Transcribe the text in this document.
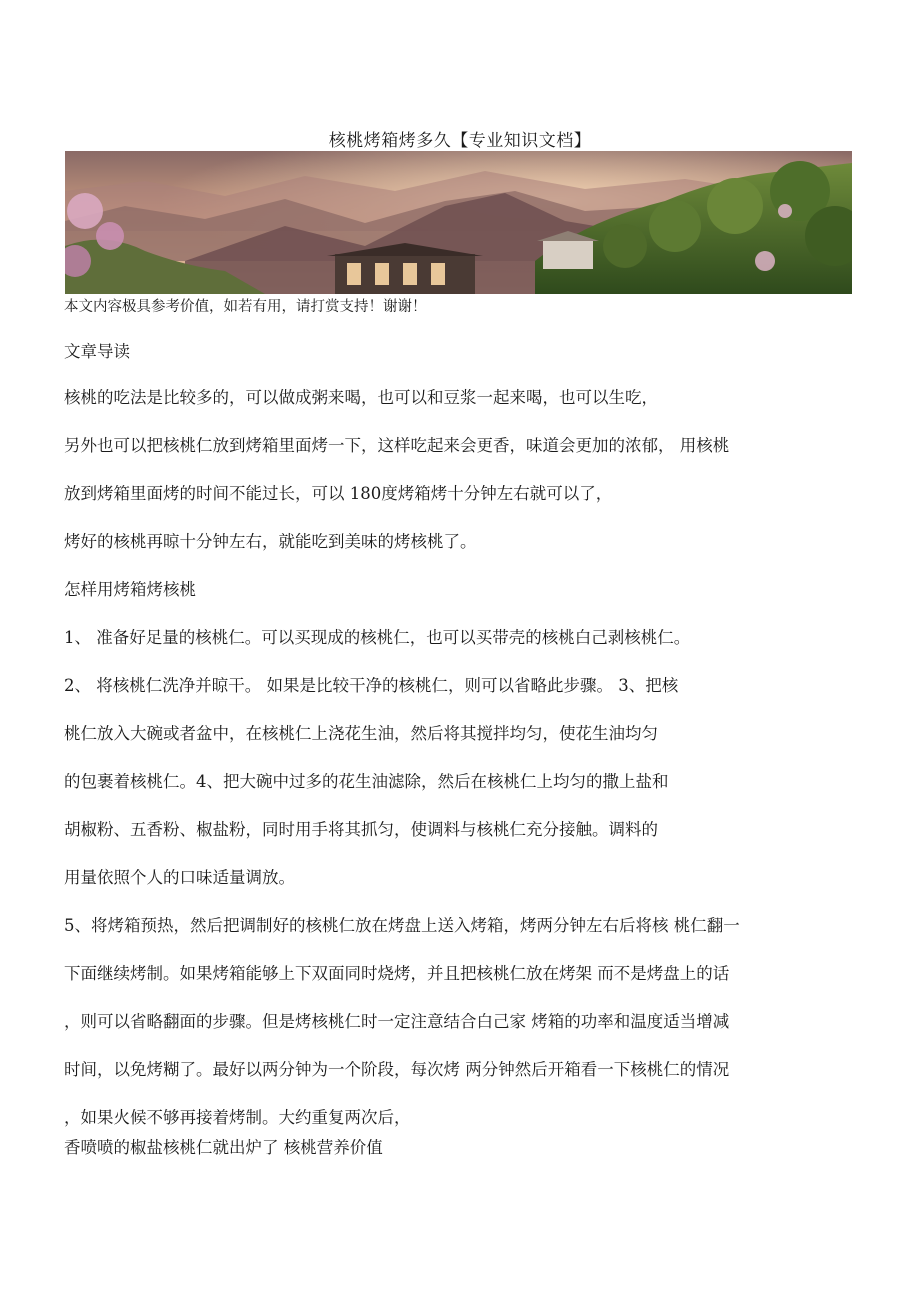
核桃烤箱烤多久【专业知识文档】
本文内容极具参考价值，如若有用，请打赏支持！谢谢！
文章导读
核桃的吃法是比较多的，可以做成粥来喝，也可以和豆浆一起来喝，也可以生吃，
另外也可以把核桃仁放到烤箱里面烤一下，这样吃起来会更香，味道会更加的浓郁， 用核桃
放到烤箱里面烤的时间不能过长，可以 180度烤箱烤十分钟左右就可以了，
烤好的核桃再晾十分钟左右，就能吃到美味的烤核桃了。
怎样用烤箱烤核桃
1、 准备好足量的核桃仁。可以买现成的核桃仁，也可以买带壳的核桃白己剥核桃仁。
2、 将核桃仁洗净并晾干。 如果是比较干净的核桃仁，则可以省略此步骤。 3、把核
桃仁放入大碗或者盆中，在核桃仁上浇花生油，然后将其搅拌均匀，使花生油均匀
的包裹着核桃仁。4、把大碗中过多的花生油滤除，然后在核桃仁上均匀的撒上盐和
胡椒粉、五香粉、椒盐粉，同时用手将其抓匀，使调料与核桃仁充分接触。调料的
用量依照个人的口味适量调放。
5、将烤箱预热，然后把调制好的核桃仁放在烤盘上送入烤箱，烤两分钟左右后将核 桃仁翻一
下面继续烤制。如果烤箱能够上下双面同时烧烤，并且把核桃仁放在烤架 而不是烤盘上的话
，则可以省略翻面的步骤。但是烤核桃仁时一定注意结合白己家 烤箱的功率和温度适当增减
时间，以免烤糊了。最好以两分钟为一个阶段，每次烤 两分钟然后开箱看一下核桃仁的情况
，如果火候不够再接着烤制。大约重复两次后，
香喷喷的椒盐核桃仁就出炉了 核桃营养价值
